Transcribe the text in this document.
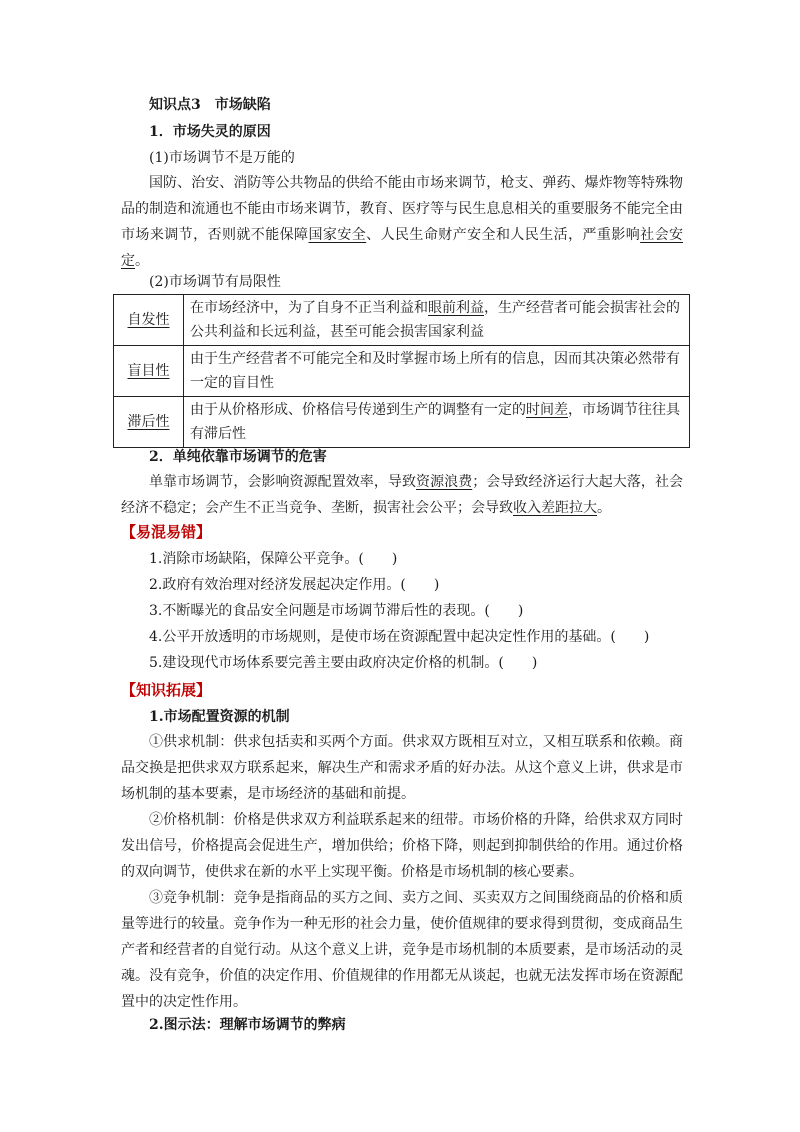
知识点3　市场缺陷
1．市场失灵的原因
(1)市场调节不是万能的
国防、治安、消防等公共物品的供给不能由市场来调节，枪支、弹药、爆炸物等特殊物品的制造和流通也不能由市场来调节，教育、医疗等与民生息息相关的重要服务不能完全由市场来调节，否则就不能保障国家安全、人民生命财产安全和人民生活，严重影响社会安定。
(2)市场调节有局限性
自发性	在市场经济中，为了自身不正当利益和眼前利益，生产经营者可能会损害社会的公共利益和长远利益，甚至可能会损害国家利益
盲目性	由于生产经营者不可能完全和及时掌握市场上所有的信息，因而其决策必然带有一定的盲目性
滞后性	由于从价格形成、价格信号传递到生产的调整有一定的时间差，市场调节往往具有滞后性
2．单纯依靠市场调节的危害
单靠市场调节，会影响资源配置效率，导致资源浪费；会导致经济运行大起大落，社会经济不稳定；会产生不正当竞争、垄断，损害社会公平；会导致收入差距拉大。
【易混易错】
1.消除市场缺陷，保障公平竞争。(　　)
2.政府有效治理对经济发展起决定作用。(　　)
3.不断曝光的食品安全问题是市场调节滞后性的表现。(　　)
4.公平开放透明的市场规则，是使市场在资源配置中起决定性作用的基础。(　　)
5.建设现代市场体系要完善主要由政府决定价格的机制。(　　)
【知识拓展】
1.市场配置资源的机制
①供求机制：供求包括卖和买两个方面。供求双方既相互对立，又相互联系和依赖。商品交换是把供求双方联系起来，解决生产和需求矛盾的好办法。从这个意义上讲，供求是市场机制的基本要素，是市场经济的基础和前提。
②价格机制：价格是供求双方利益联系起来的纽带。市场价格的升降，给供求双方同时发出信号，价格提高会促进生产，增加供给；价格下降，则起到抑制供给的作用。通过价格的双向调节，使供求在新的水平上实现平衡。价格是市场机制的核心要素。
③竞争机制：竞争是指商品的买方之间、卖方之间、买卖双方之间围绕商品的价格和质量等进行的较量。竞争作为一种无形的社会力量，使价值规律的要求得到贯彻，变成商品生产者和经营者的自觉行动。从这个意义上讲，竞争是市场机制的本质要素，是市场活动的灵魂。没有竞争，价值的决定作用、价值规律的作用都无从谈起，也就无法发挥市场在资源配置中的决定性作用。
2.图示法：理解市场调节的弊病
